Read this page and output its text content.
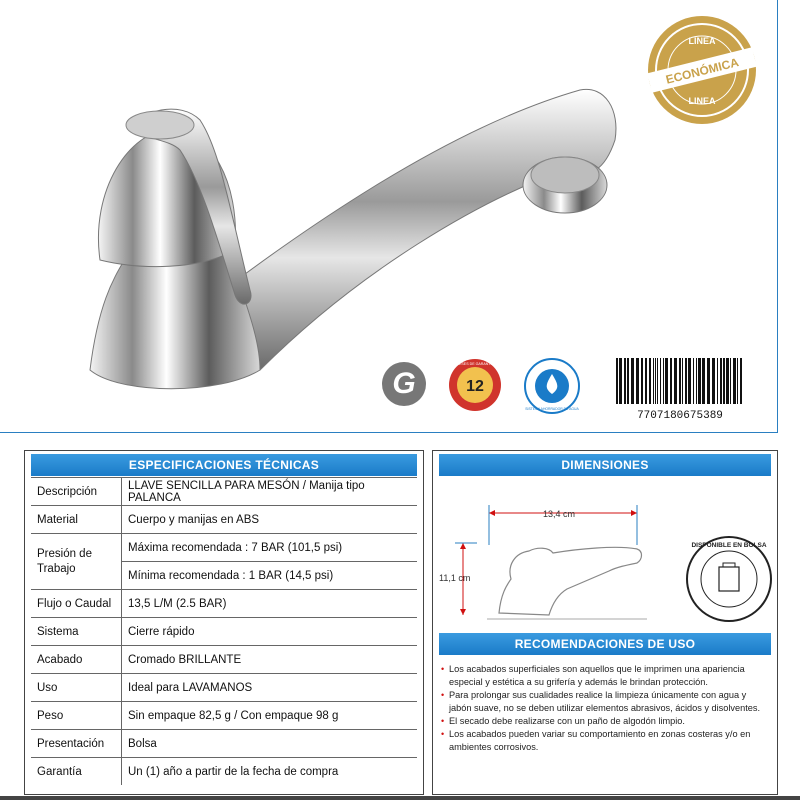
LINEA
ECONÓMICA
LINEA
G	12
MESES DE GARANTÍA
SISTEMA AHORRADOR DE AGUA
7707180675389
ESPECIFICACIONES TÉCNICAS
Descripción	LLAVE SENCILLA PARA MESÓN / Manija tipo PALANCA
Material	Cuerpo y manijas en ABS
Presión de Trabajo	Máxima recomendada : 7 BAR (101,5 psi)
	Mínima recomendada : 1 BAR (14,5 psi)
Flujo o Caudal	13,5 L/M (2.5 BAR)
Sistema	Cierre rápido
Acabado	Cromado BRILLANTE
Uso	Ideal para LAVAMANOS
Peso	Sin empaque 82,5 g / Con empaque 98 g
Presentación	Bolsa
Garantía	Un (1) año a partir de la fecha de compra
DIMENSIONES
13,4 cm
11,1 cm
DISPONIBLE EN BOLSA
RECOMENDACIONES DE USO
• Los acabados superficiales son aquellos que le imprimen una apariencia especial y estética a su grifería y además le brindan protección.
• Para prolongar sus cualidades realice la limpieza únicamente con agua y jabón suave, no se deben utilizar elementos abrasivos, ácidos y disolventes.
• El secado debe realizarse con un paño de algodón limpio.
• Los acabados pueden variar su comportamiento en zonas costeras y/o en ambientes corrosivos.
